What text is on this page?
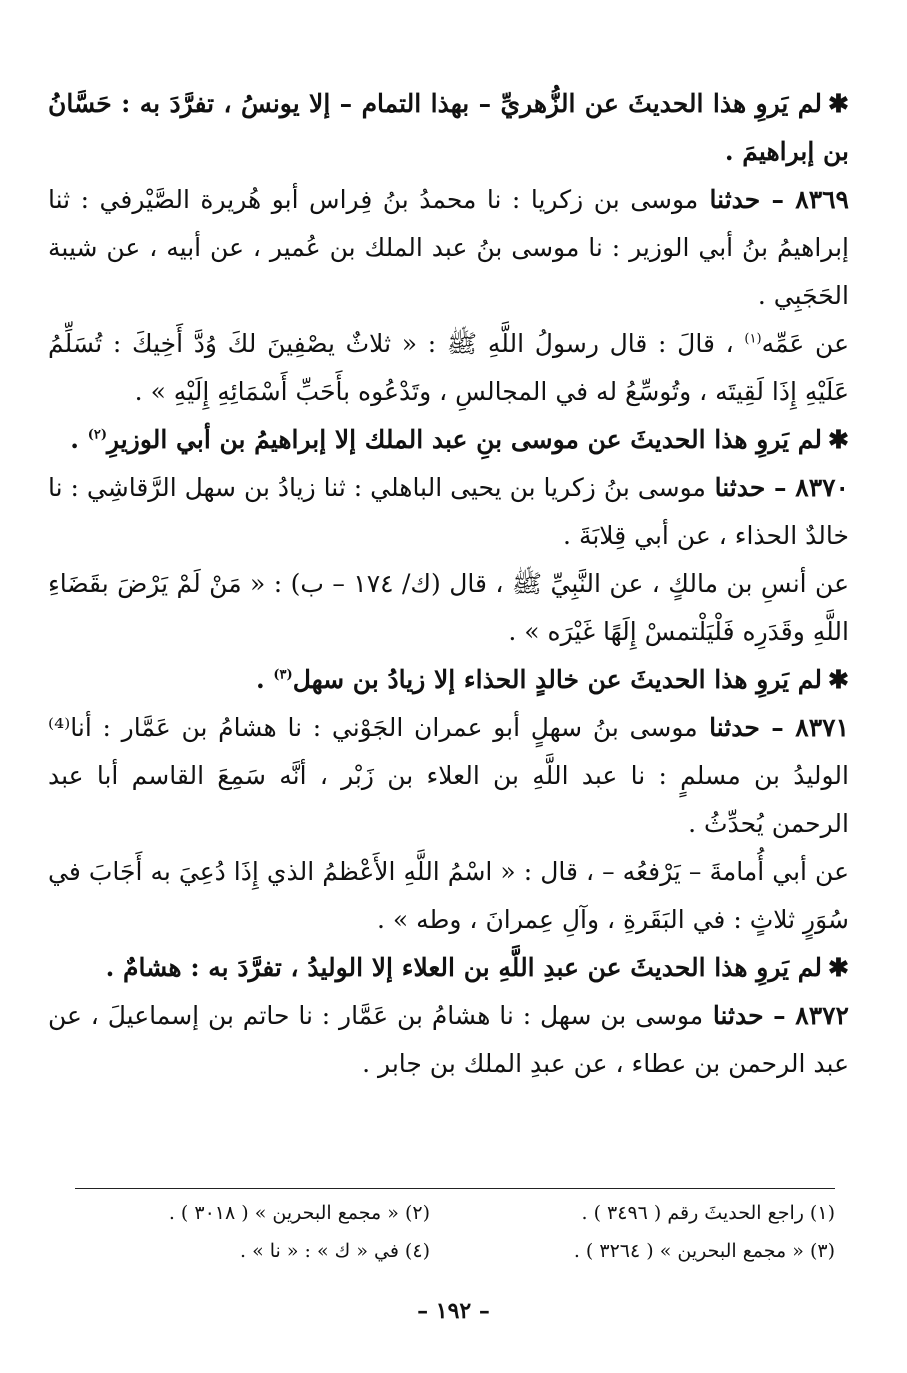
✱لم يَروِ هذا الحديثَ عن الزُّهريِّ – بهذا التمام – إلا يونسُ ، تفرَّدَ به : حَسَّانُ بن إبراهيمَ .

٨٣٦٩ – حدثنا موسى بن زكريا : نا محمدُ بنُ فِراس أبو هُريرة الصَّيْرفي : ثنا إبراهيمُ بنُ أبي الوزير : نا موسى بنُ عبد الملك بن عُمير ، عن أبيه ، عن شيبة الحَجَبِي .

عن عَمِّه$^{(١)}$ ، قالَ : قال رسولُ اللَّهِ ﷺ : « ثلاثٌ يصْفِينَ لكَ وُدَّ أَخِيكَ : تُسَلِّمُ عَلَيْهِ إِذَا لَقِيتَه ، وتُوسِّعُ له في المجالسِ ، وتَدْعُوه بأَحَبِّ أَسْمَائِهِ إِلَيْهِ » .

✱لم يَروِ هذا الحديثَ عن موسى بنِ عبد الملك إلا إبراهيمُ بن أبي الوزيرِ$^{(٢)}$ .

٨٣٧٠ – حدثنا موسى بنُ زكريا بن يحيى الباهلي : ثنا زيادُ بن سهل الرَّقاشِي : نا خالدٌ الحذاء ، عن أبي قِلابَةَ .

عن أنسِ بن مالكٍ ، عن النَّبِيِّ ﷺ ، قال (ك/ ١٧٤ – ب) : « مَنْ لَمْ يَرْضَ بقَضَاءِ اللَّهِ وقَدَرِه فَلْيَلْتمسْ إِلَهًا غَيْرَه » .

✱لم يَروِ هذا الحديثَ عن خالدٍ الحذاء إلا زيادُ بن سهل$^{(٣)}$ .

٨٣٧١ – حدثنا موسى بنُ سهلٍ أبو عمران الجَوْني : نا هشامُ بن عَمَّار : أنا⁽⁴⁾ الوليدُ بن مسلمٍ : نا عبد اللَّهِ بن العلاء بن زَبْر ، أنَّه سَمِعَ القاسم أبا عبد الرحمن يُحدِّثُ .

عن أبي أُمامةَ – يَرْفعُه – ، قال : « اسْمُ اللَّهِ الأَعْظمُ الذي إِذَا دُعِيَ به أَجَابَ في سُوَرٍ ثلاثٍ : في البَقَرةِ ، وآلِ عِمرانَ ، وطه » .

✱لم يَروِ هذا الحديثَ عن عبدِ اللَّهِ بن العلاء إلا الوليدُ ، تفرَّدَ به : هشامٌ .

٨٣٧٢ – حدثنا موسى بن سهل : نا هشامُ بن عَمَّار : نا حاتم بن إسماعيلَ ، عن عبد الرحمن بن عطاء ، عن عبدِ الملك بن جابر .

(١) راجع الحديثَ رقم ( ٣٤٩٦ ) .
(٢) « مجمع البحرين » ( ٣٠١٨ ) .
(٣) « مجمع البحرين » ( ٣٢٦٤ ) .
(٤) في « ك » : « نا » .
– ١٩٢ –
